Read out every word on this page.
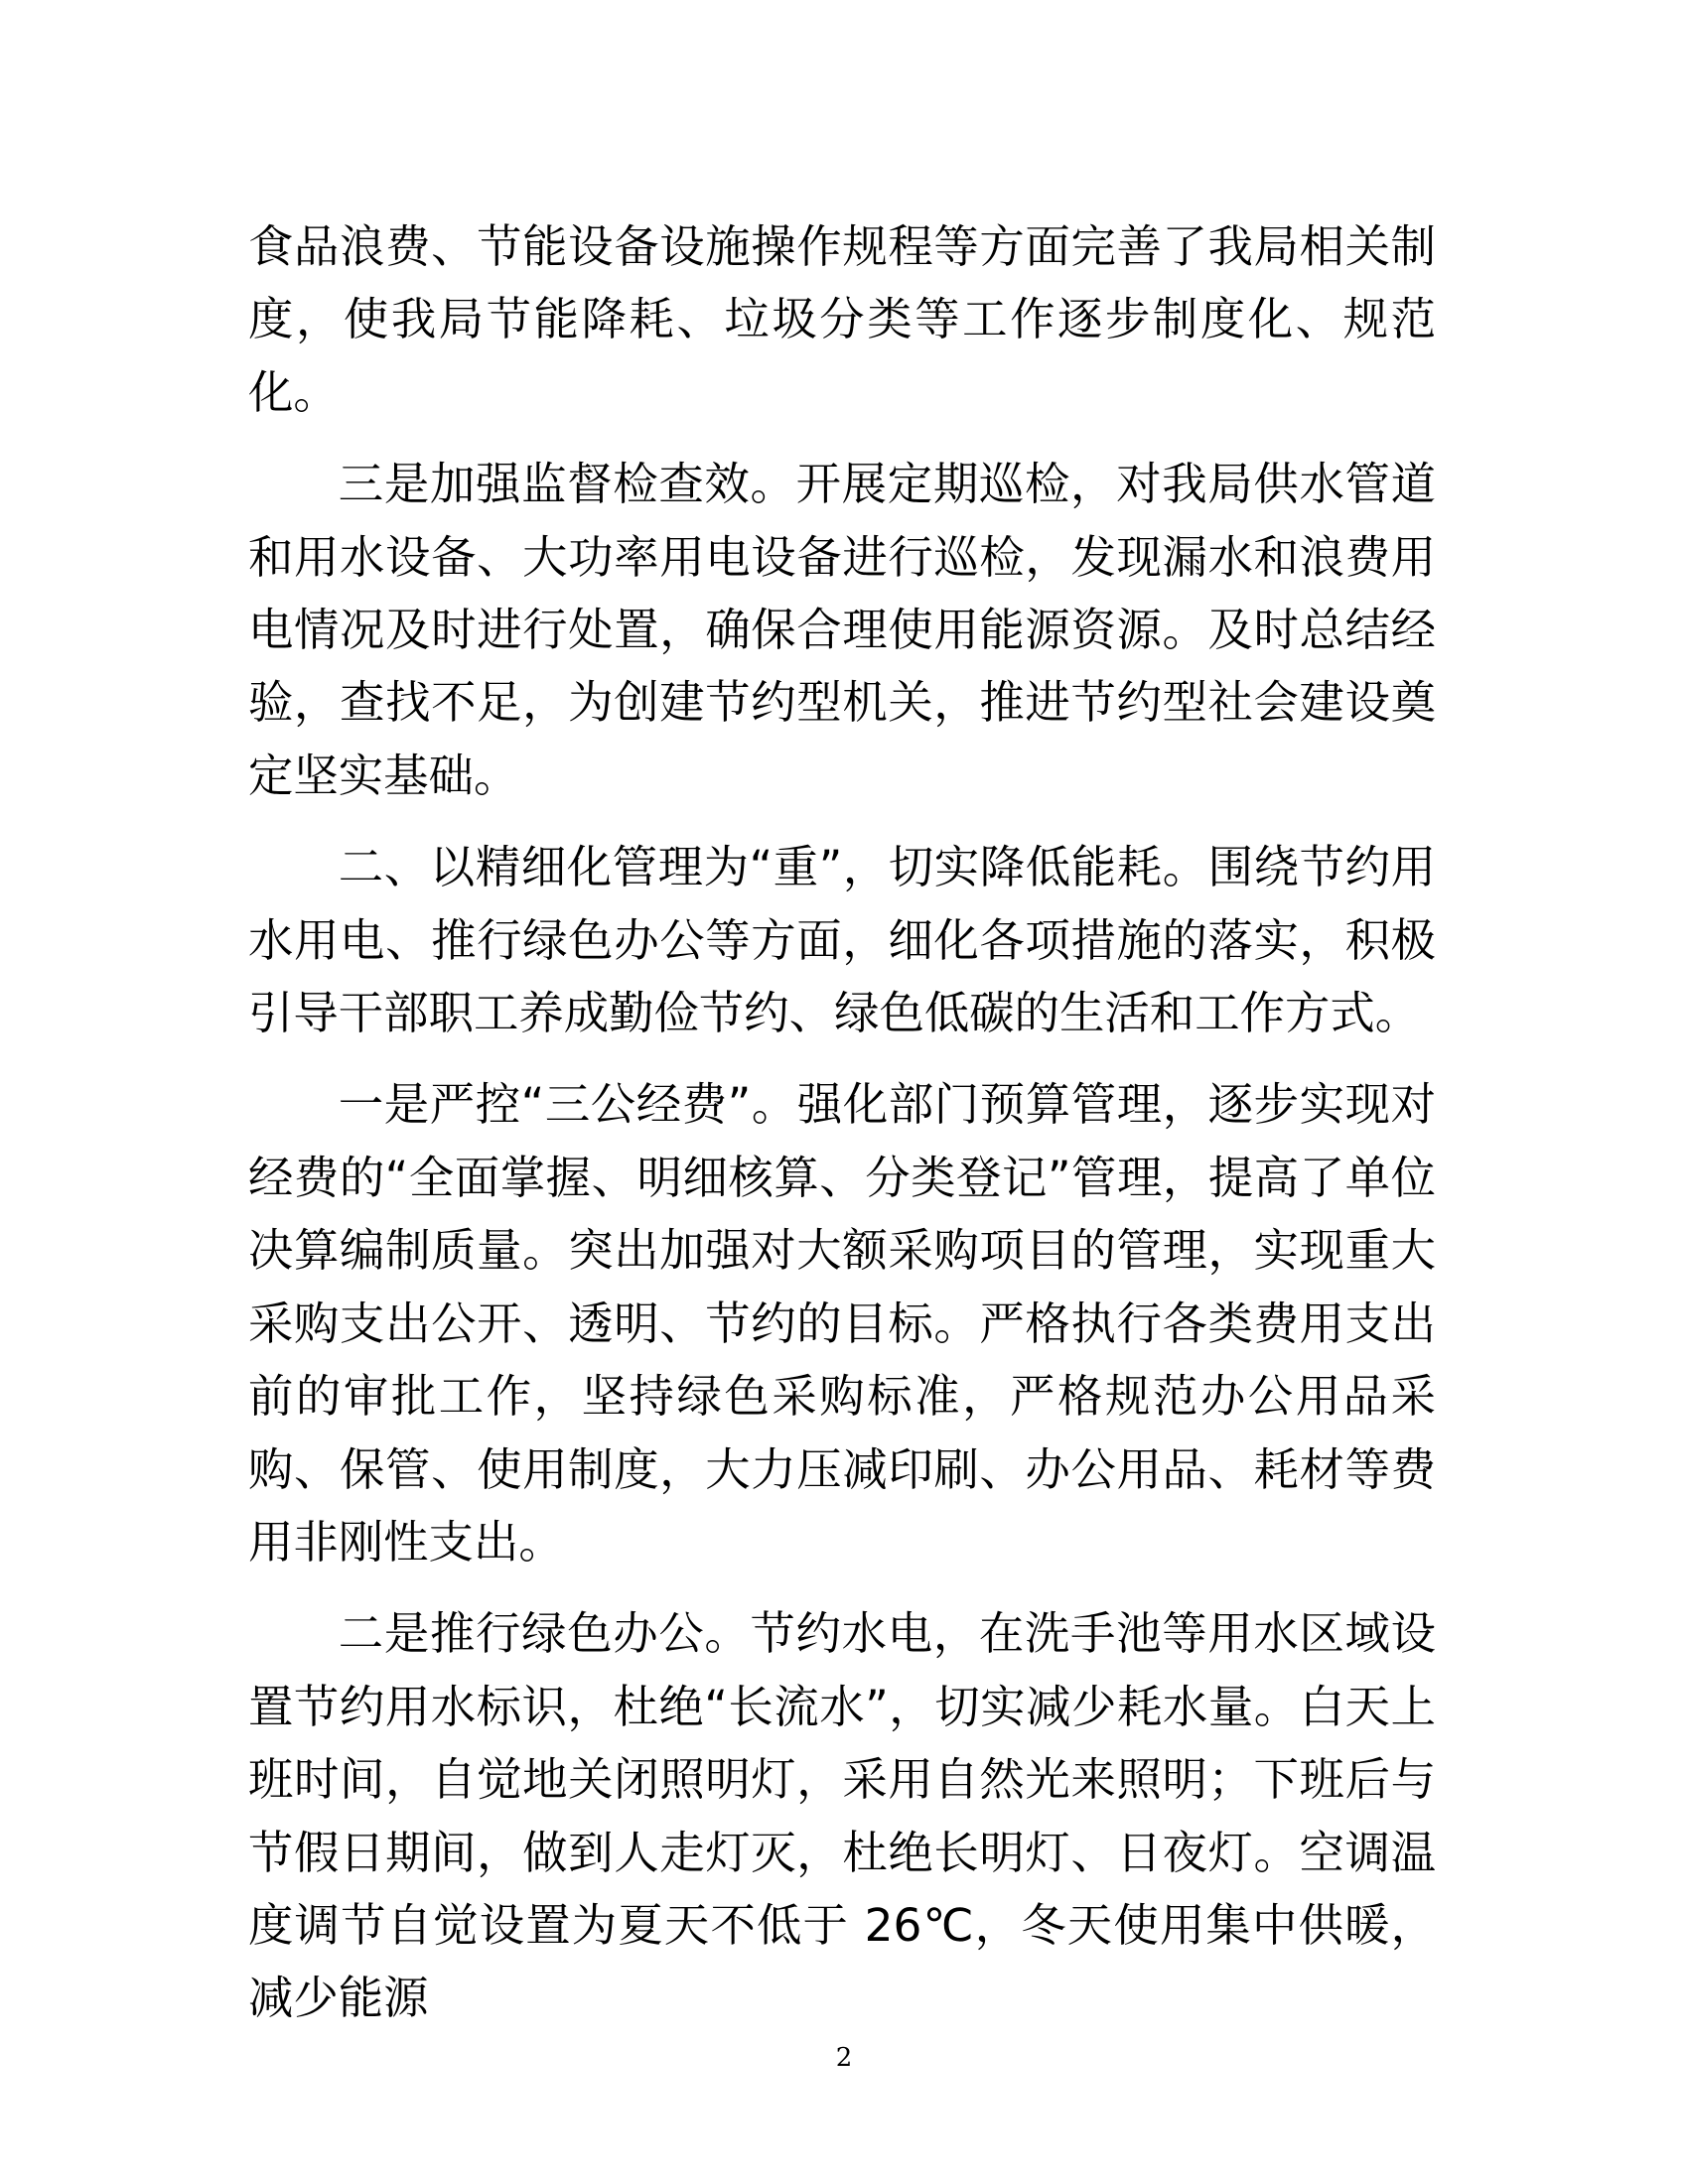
食品浪费、节能设备设施操作规程等方面完善了我局相关制度，使我局节能降耗、垃圾分类等工作逐步制度化、规范化。

三是加强监督检查效。开展定期巡检，对我局供水管道和用水设备、大功率用电设备进行巡检，发现漏水和浪费用电情况及时进行处置，确保合理使用能源资源。及时总结经验，查找不足，为创建节约型机关，推进节约型社会建设奠定坚实基础。

二、以精细化管理为“重”，切实降低能耗。围绕节约用水用电、推行绿色办公等方面，细化各项措施的落实，积极引导干部职工养成勤俭节约、绿色低碳的生活和工作方式。

一是严控“三公经费”。强化部门预算管理，逐步实现对经费的“全面掌握、明细核算、分类登记”管理，提高了单位决算编制质量。突出加强对大额采购项目的管理，实现重大采购支出公开、透明、节约的目标。严格执行各类费用支出前的审批工作，坚持绿色采购标准，严格规范办公用品采购、保管、使用制度，大力压减印刷、办公用品、耗材等费用非刚性支出。

二是推行绿色办公。节约水电，在洗手池等用水区域设置节约用水标识，杜绝“长流水”，切实减少耗水量。白天上班时间，自觉地关闭照明灯，采用自然光来照明；下班后与节假日期间，做到人走灯灭，杜绝长明灯、日夜灯。空调温度调节自觉设置为夏天不低于 26℃，冬天使用集中供暖，减少能源

2
